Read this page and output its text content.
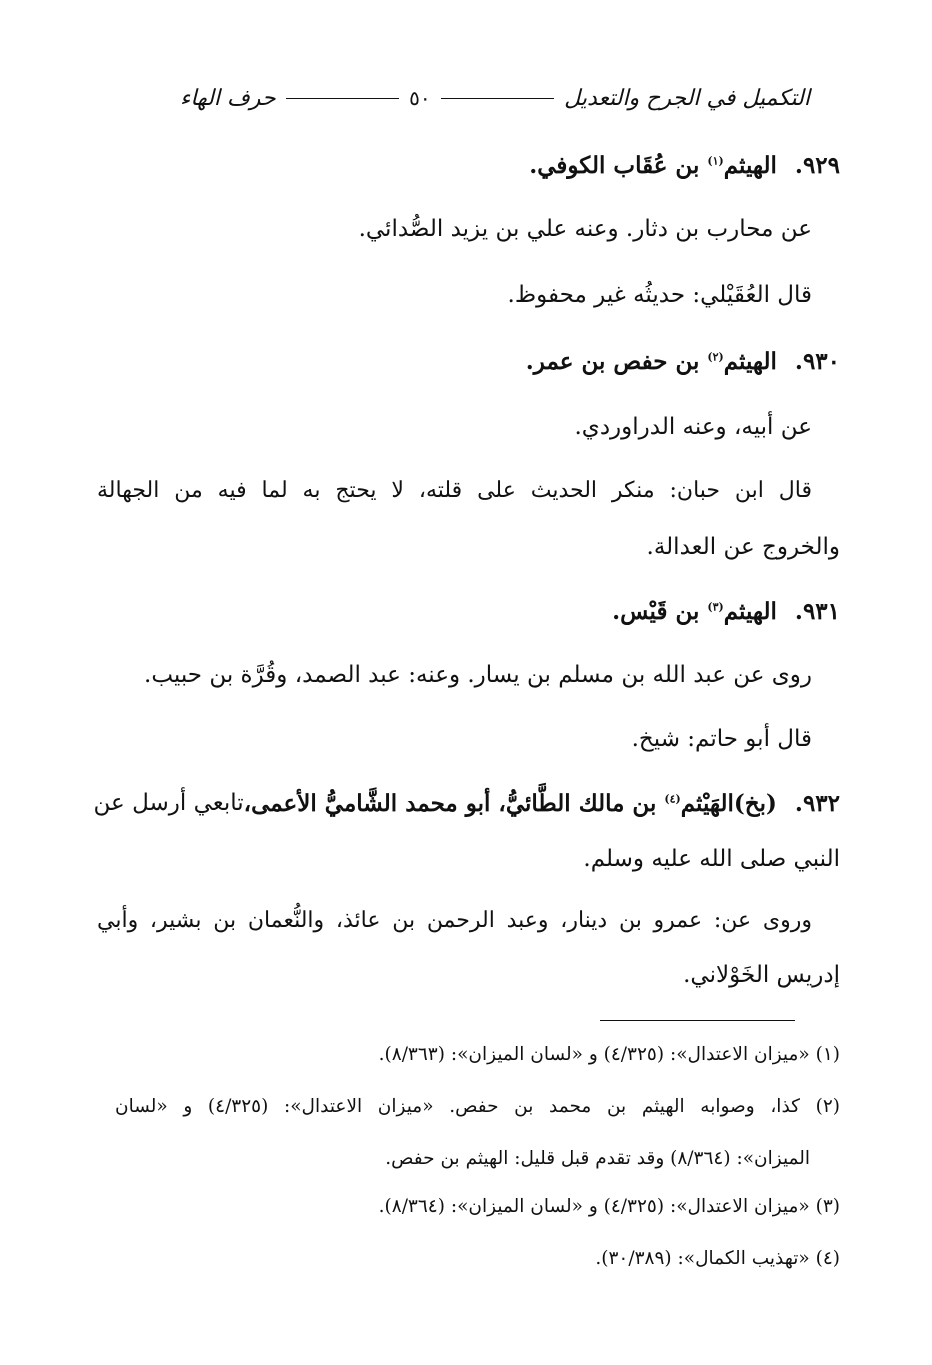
التكميل في الجرح والتعديل
٥٠
حرف الهاء
٩٢٩.الهيثم$^{(١)}$ بن عُقَاب الكوفي.
عن محارب بن دثار. وعنه علي بن يزيد الصُّدائي.
قال العُقَيْلي: حديثُه غير محفوظ.
٩٣٠.الهيثم$^{(٢)}$ بن حفص بن عمر.
عن أبيه، وعنه الدراوردي.
قال ابن حبان: منكر الحديث على قلته، لا يحتج به لما فيه من الجهالة
والخروج عن العدالة.
٩٣١.الهيثم$^{(٣)}$ بن قَيْس.
روى عن عبد الله بن مسلم بن يسار. وعنه: عبد الصمد، وقُرَّة بن حبيب.
قال أبو حاتم: شيخ.
٩٣٢.(بخ)الهَيْثم$^{(٤)}$ بن مالك الطَّائيُّ، أبو محمد الشَّاميُّ الأعمى،
تابعي أرسل عن
النبي صلى الله عليه وسلم.
وروى عن: عمرو بن دينار، وعبد الرحمن بن عائذ، والنُّعمان بن بشير، وأبي
إدريس الخَوْلاني.
(١) «ميزان الاعتدال»: (٤/٣٢٥) و «لسان الميزان»: (٨/٣٦٣).
(٢) كذا، وصوابه الهيثم بن محمد بن حفص. «ميزان الاعتدال»: (٤/٣٢٥) و «لسان
الميزان»: (٨/٣٦٤) وقد تقدم قبل قليل: الهيثم بن حفص.
(٣) «ميزان الاعتدال»: (٤/٣٢٥) و «لسان الميزان»: (٨/٣٦٤).
(٤) «تهذيب الكمال»: (٣٠/٣٨٩).
